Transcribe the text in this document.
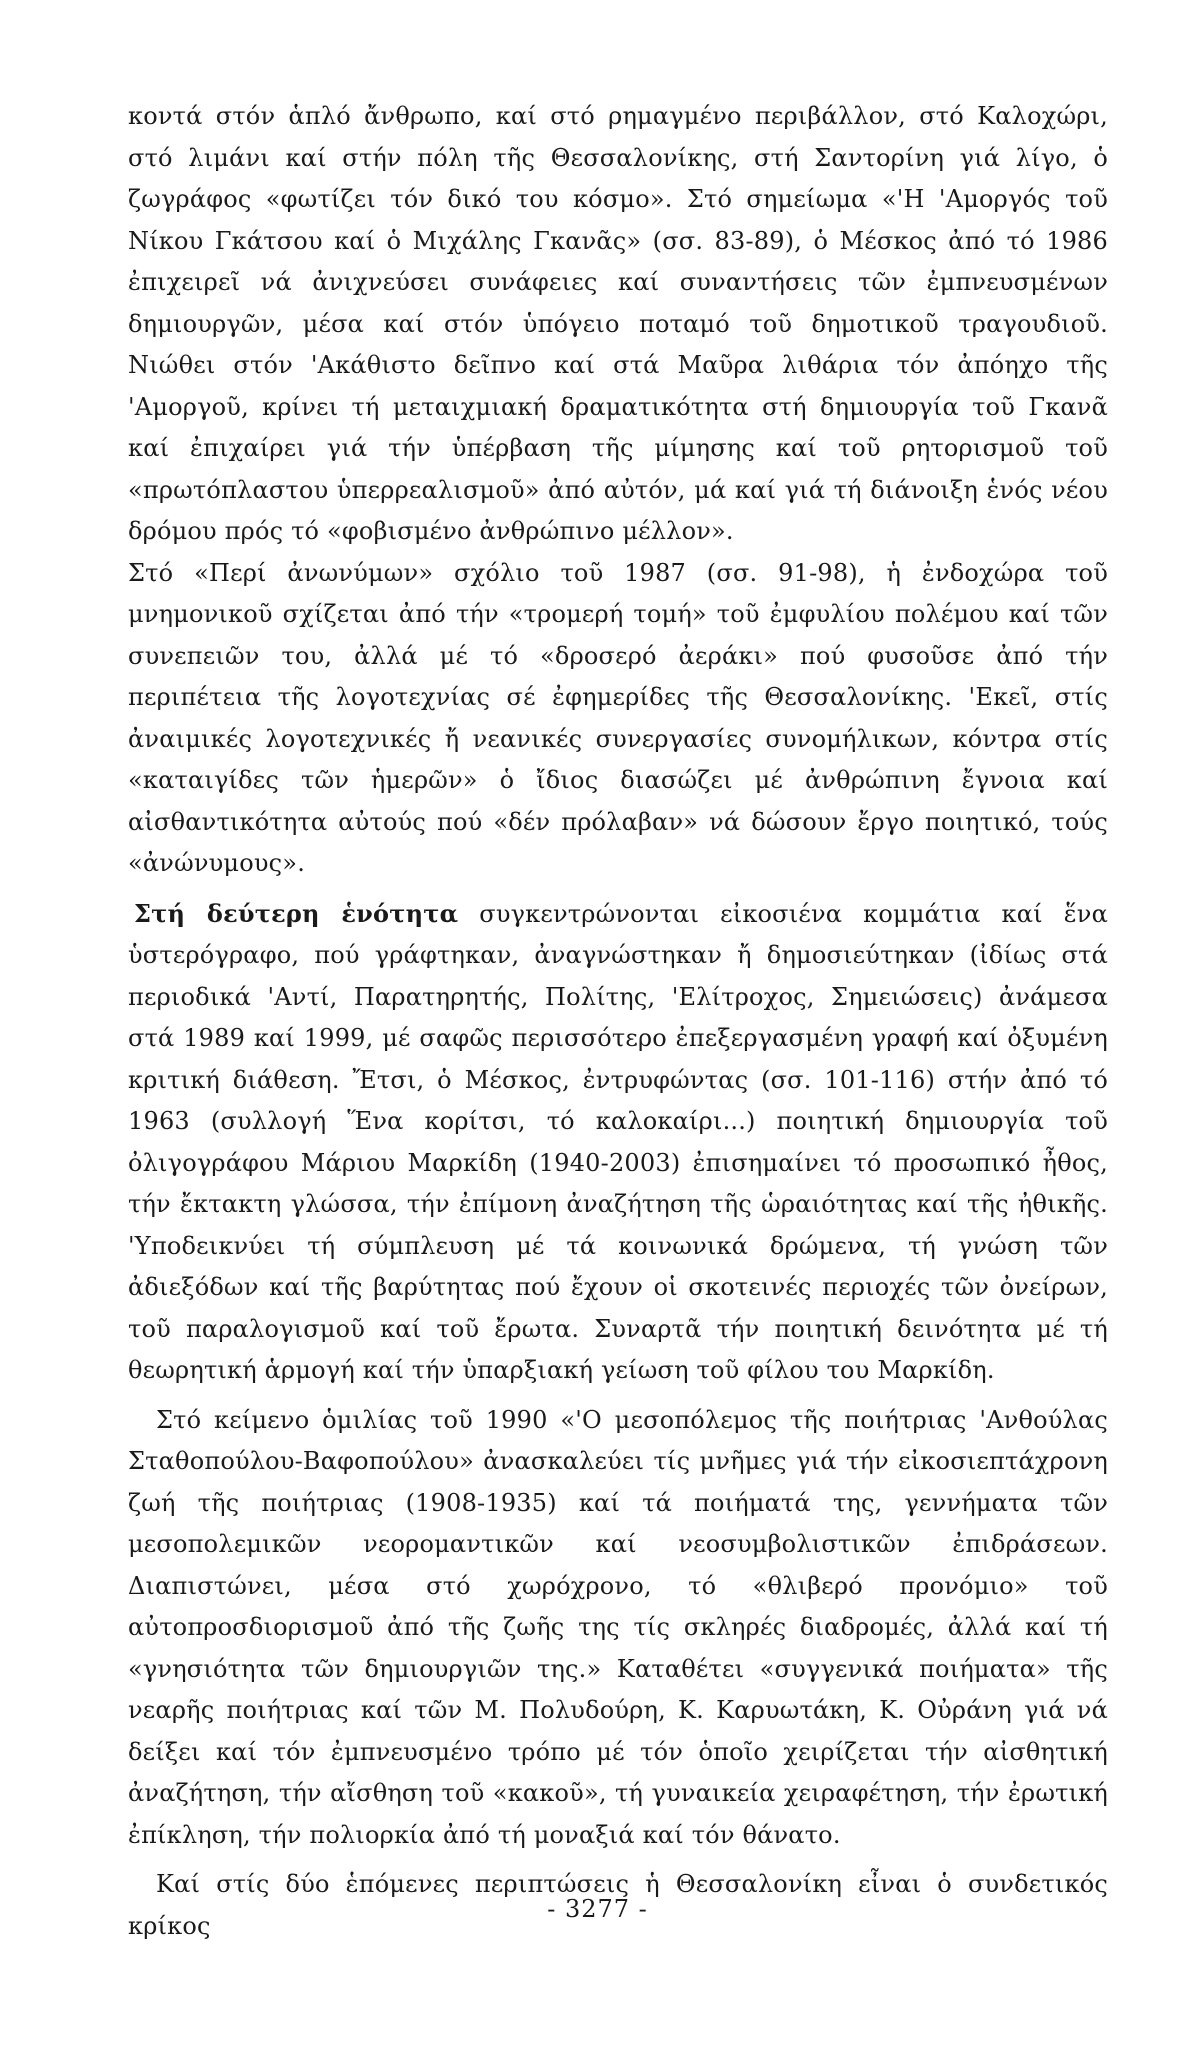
κοντά στόν ἁπλό ἄνθρωπο, καί στό ρημαγμένο περιβάλλον, στό Καλοχώρι, στό λιμάνι καί στήν πόλη τῆς Θεσσαλονίκης, στή Σαντορίνη γιά λίγο, ὁ ζωγράφος «φωτίζει τόν δικό του κόσμο». Στό σημείωμα «'Η 'Αμοργός τοῦ Νίκου Γκάτσου καί ὁ Μιχάλης Γκανᾶς» (σσ. 83-89), ὁ Μέσκος ἀπό τό 1986 ἐπιχειρεῖ νά ἀνιχνεύσει συνάφειες καί συναντήσεις τῶν ἐμπνευσμένων δημιουργῶν, μέσα καί στόν ὑπόγειο ποταμό τοῦ δημοτικοῦ τραγουδιοῦ. Νιώθει στόν 'Ακάθιστο δεῖπνο καί στά Μαῦρα λιθάρια τόν ἀπόηχο τῆς 'Αμοργοῦ, κρίνει τή μεταιχμιακή δραματικότητα στή δημιουργία τοῦ Γκανᾶ καί ἐπιχαίρει γιά τήν ὑπέρβαση τῆς μίμησης καί τοῦ ρητορισμοῦ τοῦ «πρωτόπλαστου ὑπερρεαλισμοῦ» ἀπό αὐτόν, μά καί γιά τή διάνοιξη ἑνός νέου δρόμου πρός τό «φοβισμένο ἀνθρώπινο μέλλον».

Στό «Περί ἀνωνύμων» σχόλιο τοῦ 1987 (σσ. 91-98), ἡ ἐνδοχώρα τοῦ μνημονικοῦ σχίζεται ἀπό τήν «τρομερή τομή» τοῦ ἐμφυλίου πολέμου καί τῶν συνεπειῶν του, ἀλλά μέ τό «δροσερό ἀεράκι» πού φυσοῦσε ἀπό τήν περιπέτεια τῆς λογοτεχνίας σέ ἐφημερίδες τῆς Θεσσαλονίκης. 'Εκεῖ, στίς ἀναιμικές λογοτεχνικές ἤ νεανικές συνεργασίες συνομήλικων, κόντρα στίς «καταιγίδες τῶν ἡμερῶν» ὁ ἴδιος διασώζει μέ ἀνθρώπινη ἔγνοια καί αἰσθαντικότητα αὐτούς πού «δέν πρόλαβαν» νά δώσουν ἔργο ποιητικό, τούς «ἀνώνυμους».

Στή δεύτερη ἑνότητα συγκεντρώνονται εἰκοσιένα κομμάτια καί ἕνα ὑστερόγραφο, πού γράφτηκαν, ἀναγνώστηκαν ἤ δημοσιεύτηκαν (ἰδίως στά περιοδικά 'Αντί, Παρατηρητής, Πολίτης, 'Ελίτροχος, Σημειώσεις) ἀνάμεσα στά 1989 καί 1999, μέ σαφῶς περισσότερο ἐπεξεργασμένη γραφή καί ὀξυμένη κριτική διάθεση. Ἔτσι, ὁ Μέσκος, ἐντρυφώντας (σσ. 101-116) στήν ἀπό τό 1963 (συλλογή Ἕνα κορίτσι, τό καλοκαίρι...) ποιητική δημιουργία τοῦ ὀλιγογράφου Μάριου Μαρκίδη (1940-2003) ἐπισημαίνει τό προσωπικό ἦθος, τήν ἔκτακτη γλώσσα, τήν ἐπίμονη ἀναζήτηση τῆς ὡραιότητας καί τῆς ἠθικῆς. 'Υποδεικνύει τή σύμπλευση μέ τά κοινωνικά δρώμενα, τή γνώση τῶν ἀδιεξόδων καί τῆς βαρύτητας πού ἔχουν οἱ σκοτεινές περιοχές τῶν ὀνείρων, τοῦ παραλογισμοῦ καί τοῦ ἔρωτα. Συναρτᾶ τήν ποιητική δεινότητα μέ τή θεωρητική ἁρμογή καί τήν ὑπαρξιακή γείωση τοῦ φίλου του Μαρκίδη.

Στό κείμενο ὁμιλίας τοῦ 1990 «'Ο μεσοπόλεμος τῆς ποιήτριας 'Ανθούλας Σταθοπούλου-Βαφοπούλου» ἀνασκαλεύει τίς μνῆμες γιά τήν εἰκοσιεπτάχρονη ζωή τῆς ποιήτριας (1908-1935) καί τά ποιήματά της, γεννήματα τῶν μεσοπολεμικῶν νεορομαντικῶν καί νεοσυμβολιστικῶν ἐπιδράσεων. Διαπιστώνει, μέσα στό χωρόχρονο, τό «θλιβερό προνόμιο» τοῦ αὐτοπροσδιορισμοῦ ἀπό τῆς ζωῆς της τίς σκληρές διαδρομές, ἀλλά καί τή «γνησιότητα τῶν δημιουργιῶν της.» Καταθέτει «συγγενικά ποιήματα» τῆς νεαρῆς ποιήτριας καί τῶν Μ. Πολυδούρη, Κ. Καρυωτάκη, Κ. Οὐράνη γιά νά δείξει καί τόν ἐμπνευσμένο τρόπο μέ τόν ὁποῖο χειρίζεται τήν αἰσθητική ἀναζήτηση, τήν αἴσθηση τοῦ «κακοῦ», τή γυναικεία χειραφέτηση, τήν ἐρωτική ἐπίκληση, τήν πολιορκία ἀπό τή μοναξιά καί τόν θάνατο.

Καί στίς δύο ἑπόμενες περιπτώσεις ἡ Θεσσαλονίκη εἶναι ὁ συνδετικός κρίκος

- 3277 -
